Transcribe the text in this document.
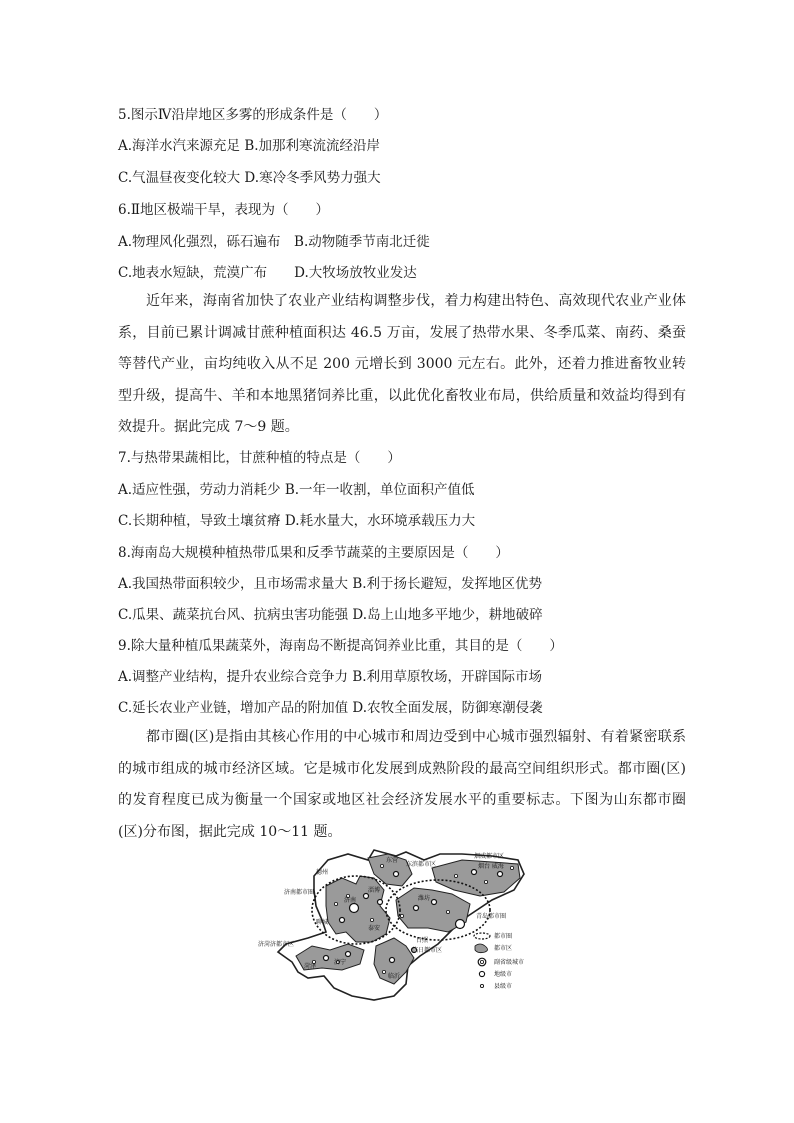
5.图示Ⅳ沿岸地区多雾的形成条件是（　　）
A.海洋水汽来源充足 B.加那利寒流流经沿岸
C.气温昼夜变化较大 D.寒冷冬季风势力强大
6.Ⅱ地区极端干旱，表现为（　　）
A.物理风化强烈，砾石遍布　B.动物随季节南北迁徙
C.地表水短缺，荒漠广布　　D.大牧场放牧业发达
近年来，海南省加快了农业产业结构调整步伐，着力构建出特色、高效现代农业产业体系，目前已累计调减甘蔗种植面积达 46.5 万亩，发展了热带水果、冬季瓜菜、南药、桑蚕等替代产业，亩均纯收入从不足 200 元增长到 3000 元左右。此外，还着力推进畜牧业转型升级，提高牛、羊和本地黑猪饲养比重，以此优化畜牧业布局，供给质量和效益均得到有效提升。据此完成 7～9 题。
7.与热带果蔬相比，甘蔗种植的特点是（　　）
A.适应性强，劳动力消耗少 B.一年一收割，单位面积产值低
C.长期种植，导致土壤贫瘠 D.耗水量大，水环境承载压力大
8.海南岛大规模种植热带瓜果和反季节蔬菜的主要原因是（　　）
A.我国热带面积较少，且市场需求量大 B.利于扬长避短，发挥地区优势
C.瓜果、蔬菜抗台风、抗病虫害功能强 D.岛上山地多平地少，耕地破碎
9.除大量种植瓜果蔬菜外，海南岛不断提高饲养业比重，其目的是（　　）
A.调整产业结构，提升农业综合竞争力 B.利用草原牧场，开辟国际市场
C.延长农业产业链，增加产品的附加值 D.农牧全面发展，防御寒潮侵袭
都市圈(区)是指由其核心作用的中心城市和周边受到中心城市强烈辐射、有着紧密联系的城市组成的城市经济区域。它是城市化发展到成熟阶段的最高空间组织形式。都市圈(区)的发育程度已成为衡量一个国家或地区社会经济发展水平的重要标志。下图为山东都市圈(区)分布图，据此完成 10～11 题。
德州
东营
东滨都市区
烟威都市区
烟台 威海
济南都市圈
济南
淄博
潍坊
青岛都市圈
聊城
泰安
济菏济都市区
济宁
菏泽
日照
临日都市区
临沂
都市圈
都市区
副省级城市
地级市
县级市
